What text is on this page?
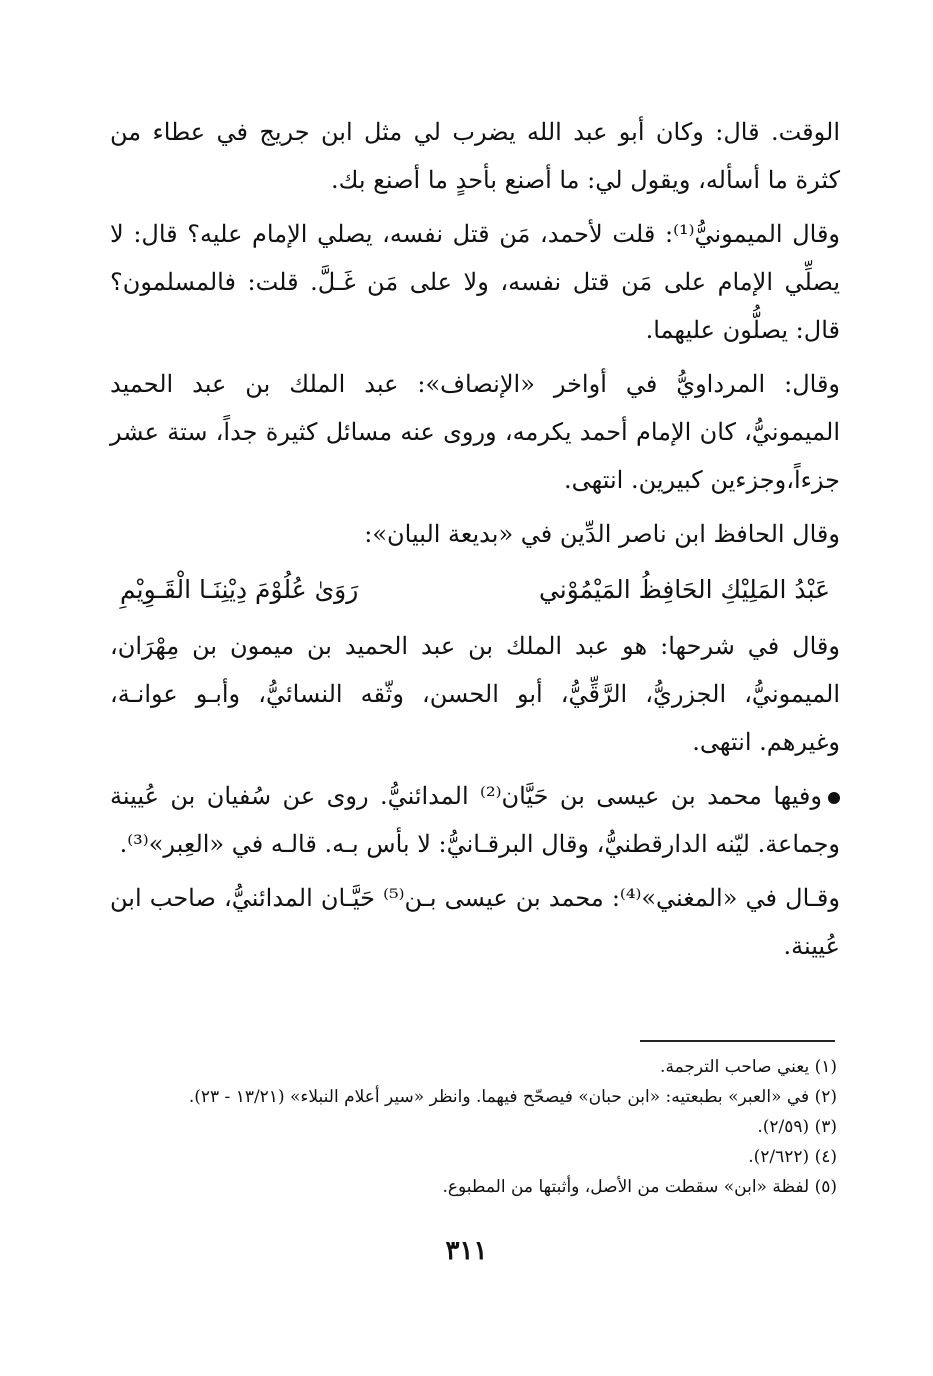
الوقت. قال: وكان أبو عبد الله يضرب لي مثل ابن جريج في عطاء من كثرة ما أسأله، ويقول لي: ما أصنع بأحدٍ ما أصنع بك.

وقال الميمونيُّ⁽¹⁾: قلت لأحمد، مَن قتل نفسه، يصلي الإمام عليه؟ قال: لا يصلِّي الإمام على مَن قتل نفسه، ولا على مَن غَـلَّ. قلت: فالمسلمون؟ قال: يصلُّون عليهما.

وقال: المرداويُّ في أواخر «الإنصاف»: عبد الملك بن عبد الحميد الميمونيُّ، كان الإمام أحمد يكرمه، وروى عنه مسائل كثيرة جداً، ستة عشر جزءاً،وجزءين كبيرين. انتهى.

وقال الحافظ ابن ناصر الدِّين في «بديعة البيان»:

عَبْدُ المَلِيْكِ الحَافِظُ المَيْمُوْني
رَوَىٰ عُلُوْمَ دِيْنِنَـا الْقَـوِيْمِ

وقال في شرحها: هو عبد الملك بن عبد الحميد بن ميمون بن مِهْرَان، الميمونيُّ، الجزريُّ، الرَّقِّيُّ، أبو الحسن، وثّقه النسائيُّ، وأبـو عوانـة، وغيرهم. انتهى.

وفيها محمد بن عيسى بن حَيَّان⁽²⁾ المدائنيُّ. روى عن سُفيان بن عُيينة وجماعة. ليّنه الدارقطنيُّ، وقال البرقـانيُّ: لا بأس بـه. قالـه في «العِبر»⁽³⁾.

وقـال في «المغني»⁽⁴⁾: محمد بن عيسى بـن⁽⁵⁾ حَيَّـان المدائنيُّ، صاحب ابن عُيينة.

(١) يعني صاحب الترجمة.
(٢) في «العبر» بطبعتيه: «ابن حبان» فيصحّح فيهما. وانظر «سير أعلام النبلاء» (١٣/٢١ - ٢٣).
(٣) (٢/٥٩).
(٤) (٢/٦٢٢).
(٥) لفظة «ابن» سقطت من الأصل، وأثبتها من المطبوع.
٣١١
